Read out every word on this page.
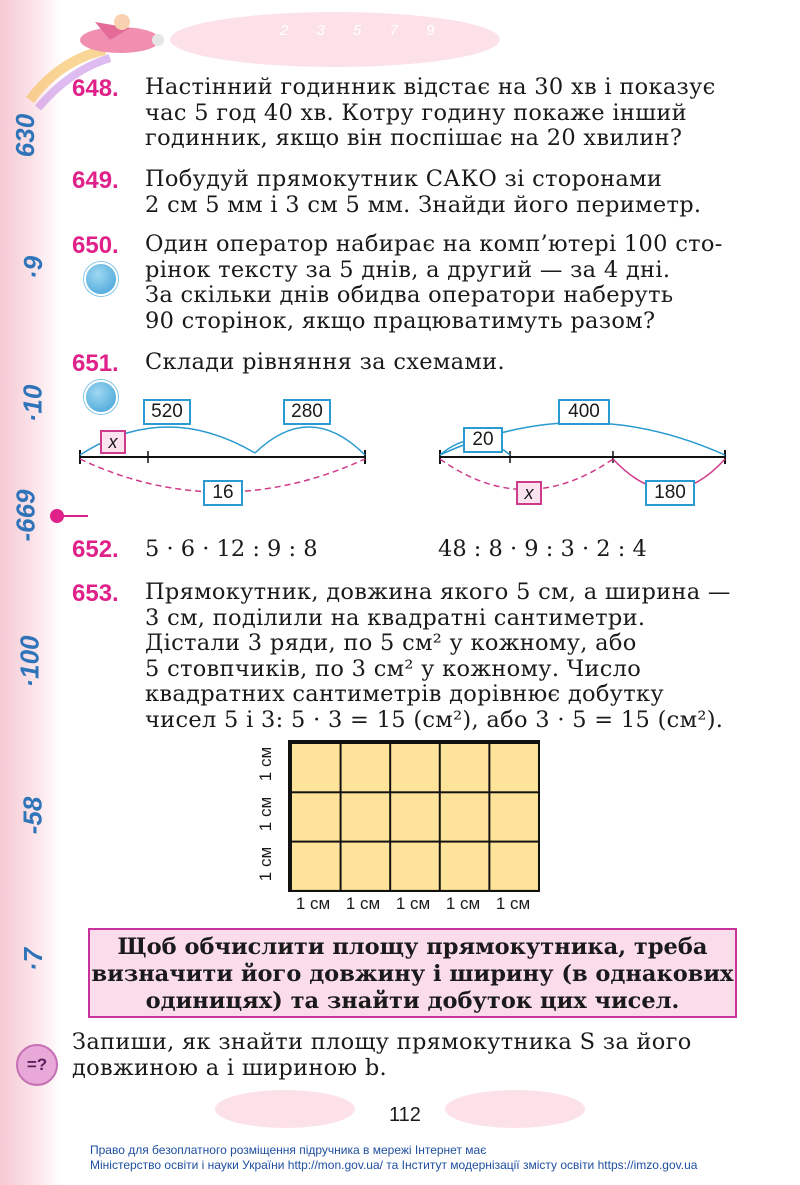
630
·9
·10
-669
·100
-58
·7
2 3 5 7 9
648. Настінний годинник відстає на 30 хв і показує
час 5 год 40 хв. Котру годину покаже інший
годинник, якщо він поспішає на 20 хвилин?
649. Побудуй прямокутник САКО зі сторонами
2 см 5 мм і 3 см 5 мм. Знайди його периметр.
650. Один оператор набирає на комп’ютері 100 сто-
рінок тексту за 5 днів, а другий — за 4 дні.
За скільки днів обидва оператори наберуть
90 сторінок, якщо працюватимуть разом?
651. Склади рівняння за схемами.
520	280
x
16
400
20
x	180
652. 5 · 6 · 12 : 9 : 8	48 : 8 · 9 : 3 · 2 : 4
653. Прямокутник, довжина якого 5 см, а ширина —
3 см, поділили на квадратні сантиметри.
Дістали 3 ряди, по 5 см² у кожному, або
5 стовпчиків, по 3 см² у кожному. Число
квадратних сантиметрів дорівнює добутку
чисел 5 і 3: 5 · 3 = 15 (см²), або 3 · 5 = 15 (см²).
1 см 1 см 1 см 1 см 1 см
1 см
1 см
1 см
Щоб обчислити площу прямокутника, треба
визначити його довжину і ширину (в однакових
одиницях) та знайти добуток цих чисел.
=?
Запиши, як знайти площу прямокутника S за його
довжиною a і шириною b.
112
Право для безоплатного розміщення підручника в мережі Інтернет має
Міністерство освіти і науки України http://mon.gov.ua/ та Інститут модернізації змісту освіти https://imzo.gov.ua
